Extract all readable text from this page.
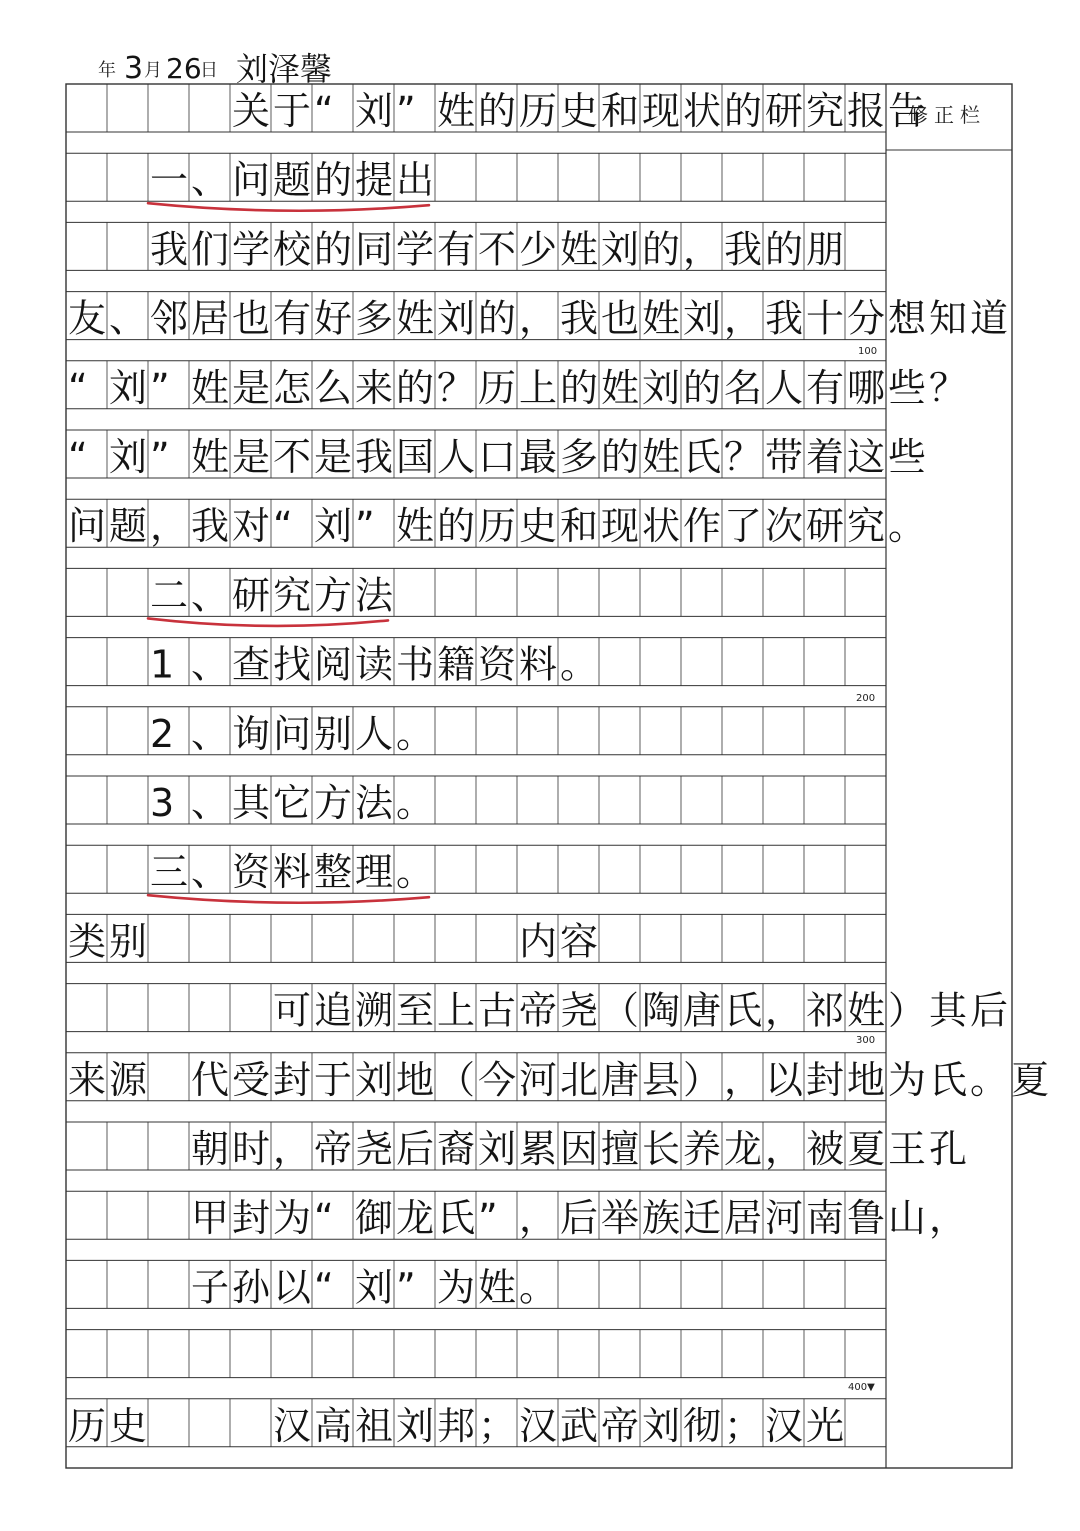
年 3 月 26
日 刘泽馨
修正栏
100
200
300
400▼
关于“ 刘” 姓的历史和现状的研究报告
一、问题的提出
我们学校的同学有不少姓刘的，我的朋
友、邻居也有好多姓刘的，我也姓刘，我十分想知道
“ 刘” 姓是怎么来的？历上的姓刘的名人有哪些？
“ 刘” 姓是不是我国人口最多的姓氏？带着这些
问题，我对“ 刘” 姓的历史和现状作了次研究。
二、研究方法
1 、查找阅读书籍资料。
2 、询问别人。
3 、其它方法。
三、资料整理。
类别	内容
可追溯至上古帝尧（陶唐氏，祁姓）其后
来源 代受封于刘地（今河北唐县），以封地为氏。夏
朝时，帝尧后裔刘累因擅长养龙，被夏王孔
甲封为“ 御龙氏” ，后举族迁居河南鲁山，
子孙以“ 刘” 为姓。
历史	汉高祖刘邦；汉武帝刘彻；汉光
